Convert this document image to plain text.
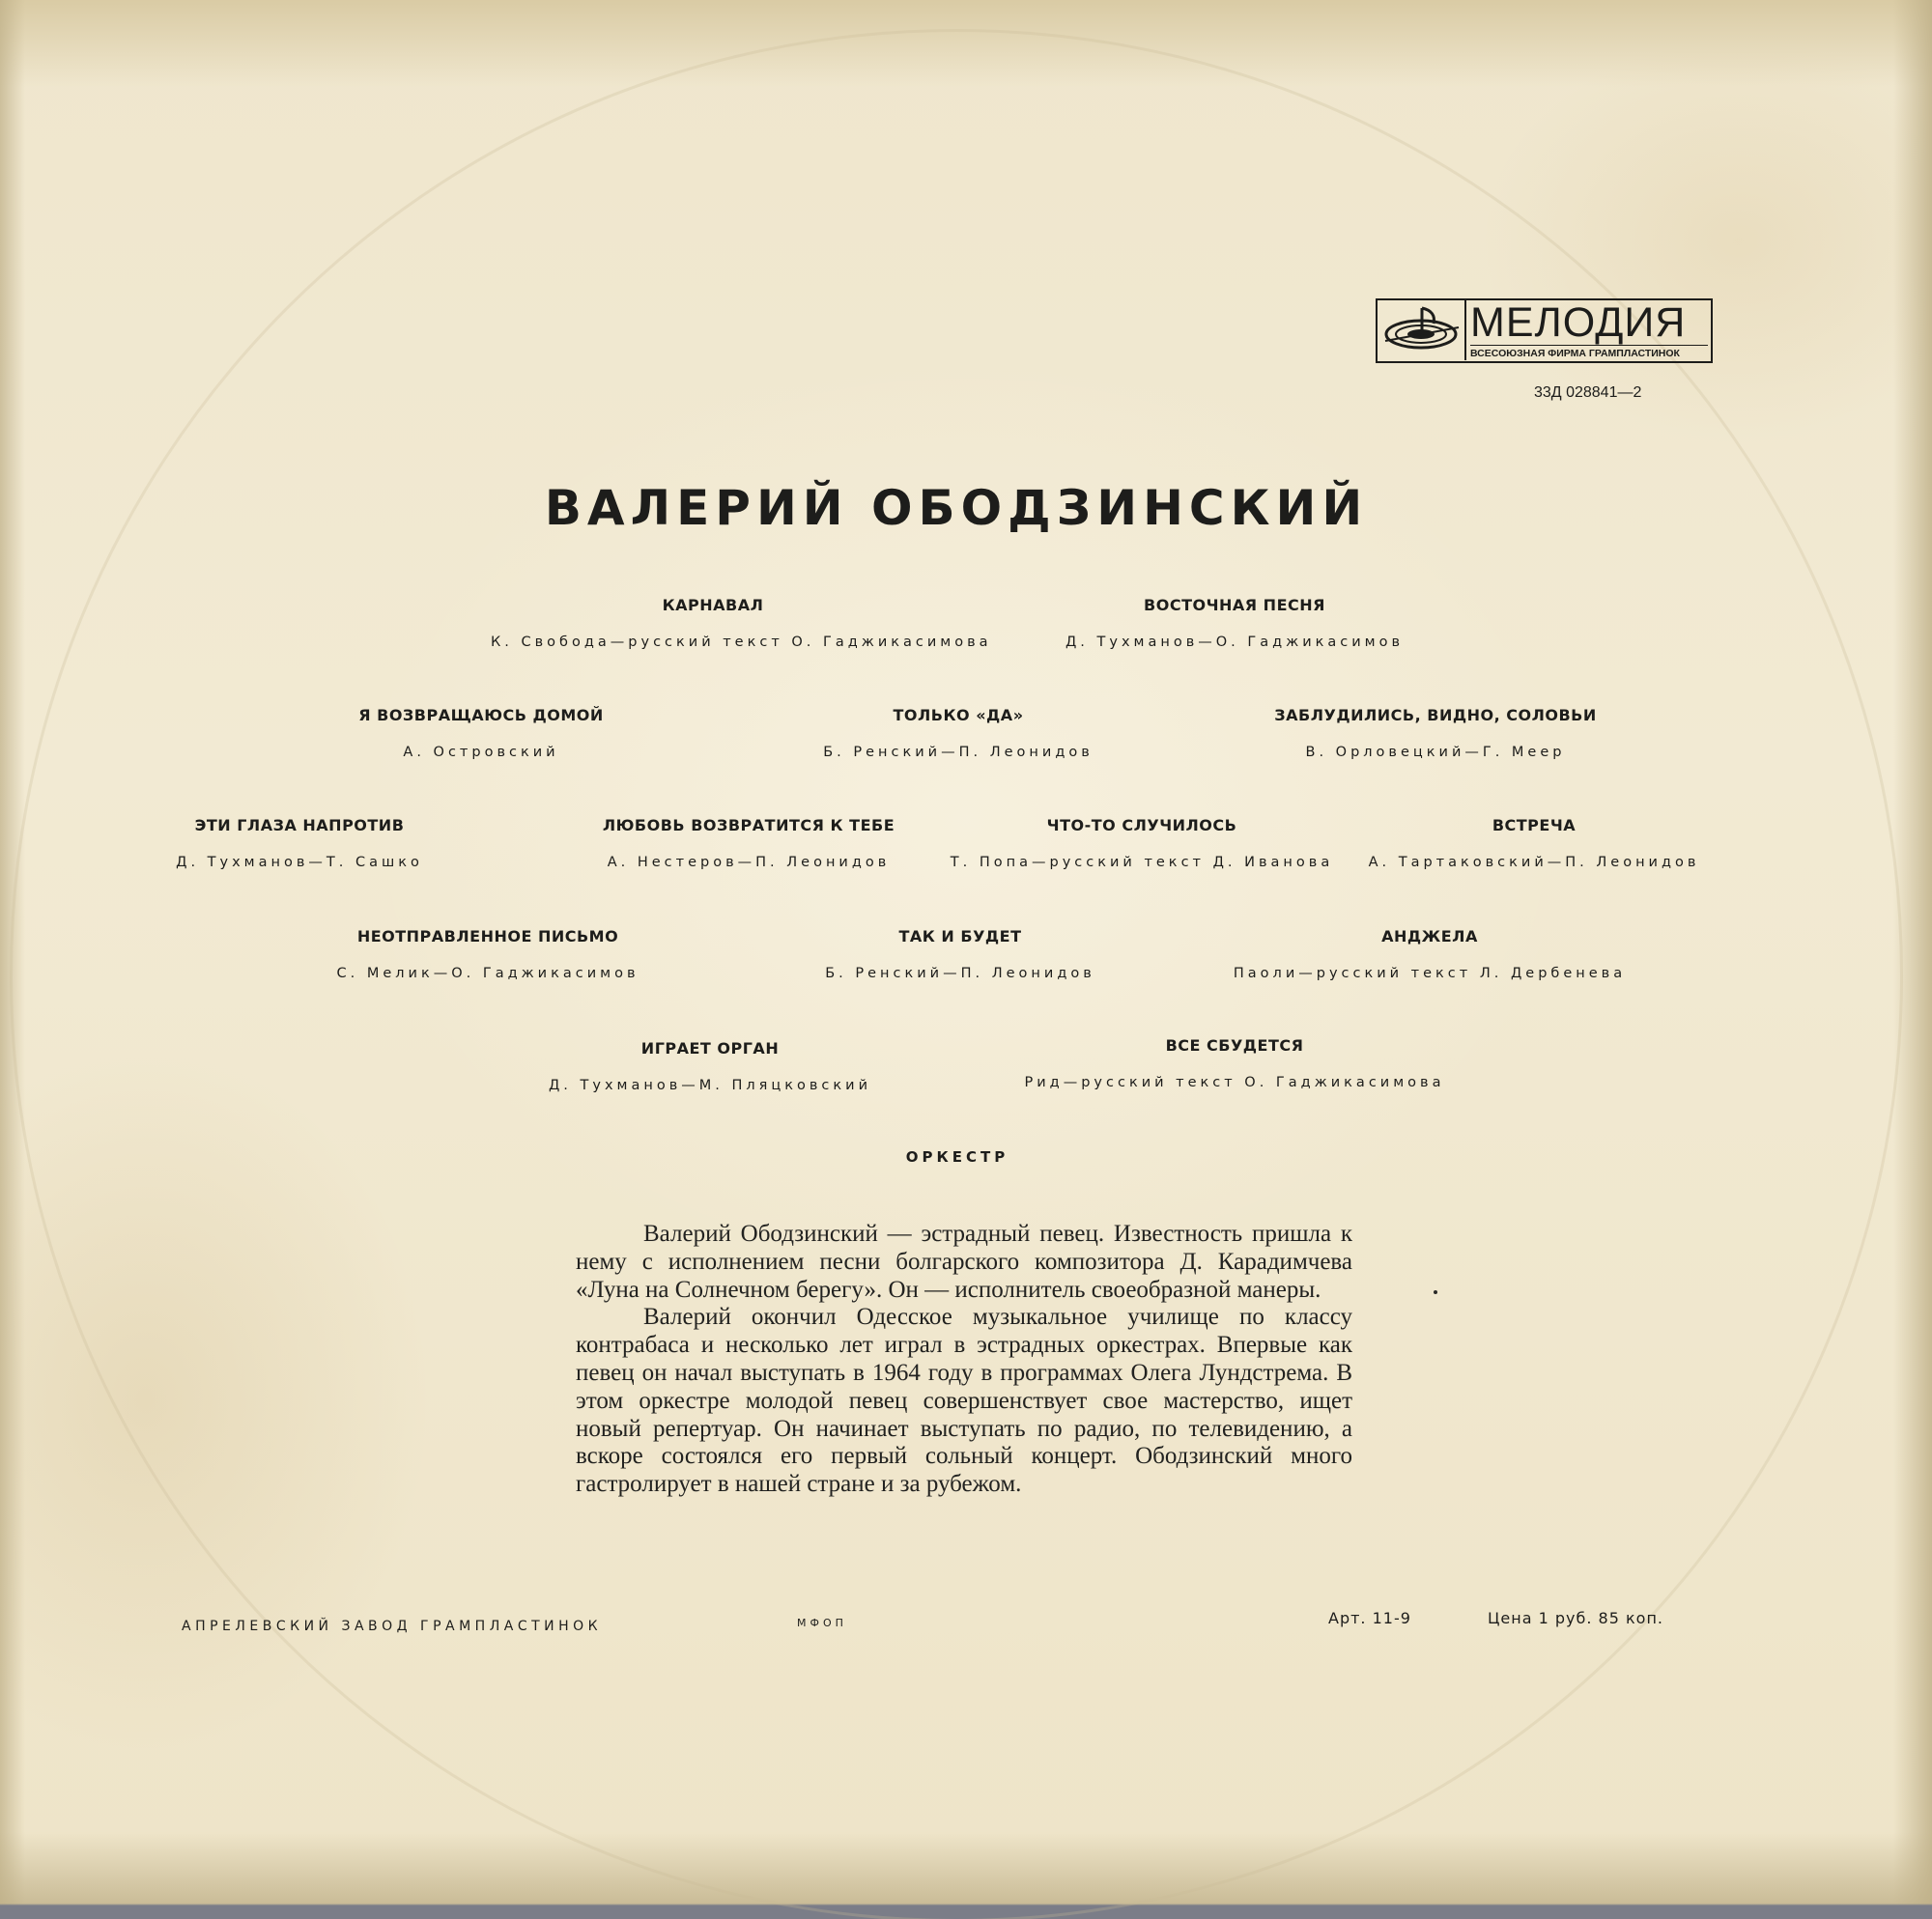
МЕЛОДИЯ
ВСЕСОЮЗНАЯ ФИРМА ГРАМПЛАСТИНОК
33Д 028841—2
ВАЛЕРИЙ ОБОДЗИНСКИЙ
КАРНАВАЛ
К. Свобода—русский текст О. Гаджикасимова
ВОСТОЧНАЯ ПЕСНЯ
Д. Тухманов—О. Гаджикасимов
Я ВОЗВРАЩАЮСЬ ДОМОЙ
А. Островский
ТОЛЬКО «ДА»
Б. Ренский—П. Леонидов
ЗАБЛУДИЛИСЬ, ВИДНО, СОЛОВЬИ
В. Орловецкий—Г. Меер
ЭТИ ГЛАЗА НАПРОТИВ
Д. Тухманов—Т. Сашко
ЛЮБОВЬ ВОЗВРАТИТСЯ К ТЕБЕ
А. Нестеров—П. Леонидов
ЧТО-ТО СЛУЧИЛОСЬ
Т. Попа—русский текст Д. Иванова
ВСТРЕЧА
А. Тартаковский—П. Леонидов
НЕОТПРАВЛЕННОЕ ПИСЬМО
С. Мелик—О. Гаджикасимов
ТАК И БУДЕТ
Б. Ренский—П. Леонидов
АНДЖЕЛА
Паоли—русский текст Л. Дербенева
ИГРАЕТ ОРГАН
Д. Тухманов—М. Пляцковский
ВСЕ СБУДЕТСЯ
Рид—русский текст О. Гаджикасимова
ОРКЕСТР

Валерий Ободзинский — эстрадный певец. Известность пришла к нему с исполнением песни болгарского композитора Д. Карадимчева «Луна на Солнечном берегу». Он — исполнитель своеобразной манеры.

Валерий окончил Одесское музыкальное училище по классу контрабаса и несколько лет играл в эстрадных оркестрах. Впервые как певец он начал выступать в 1964 году в программах Олега Лундстрема. В этом оркестре молодой певец совершенствует свое мастерство, ищет новый репертуар. Он начинает выступать по радио, по телевидению, а вскоре состоялся его первый сольный концерт. Ободзинский много гастролирует в нашей стране и за рубежом.

АПРЕЛЕВСКИЙ ЗАВОД ГРАМПЛАСТИНОК	МФОП	Арт. 11-9	Цена 1 руб. 85 коп.
